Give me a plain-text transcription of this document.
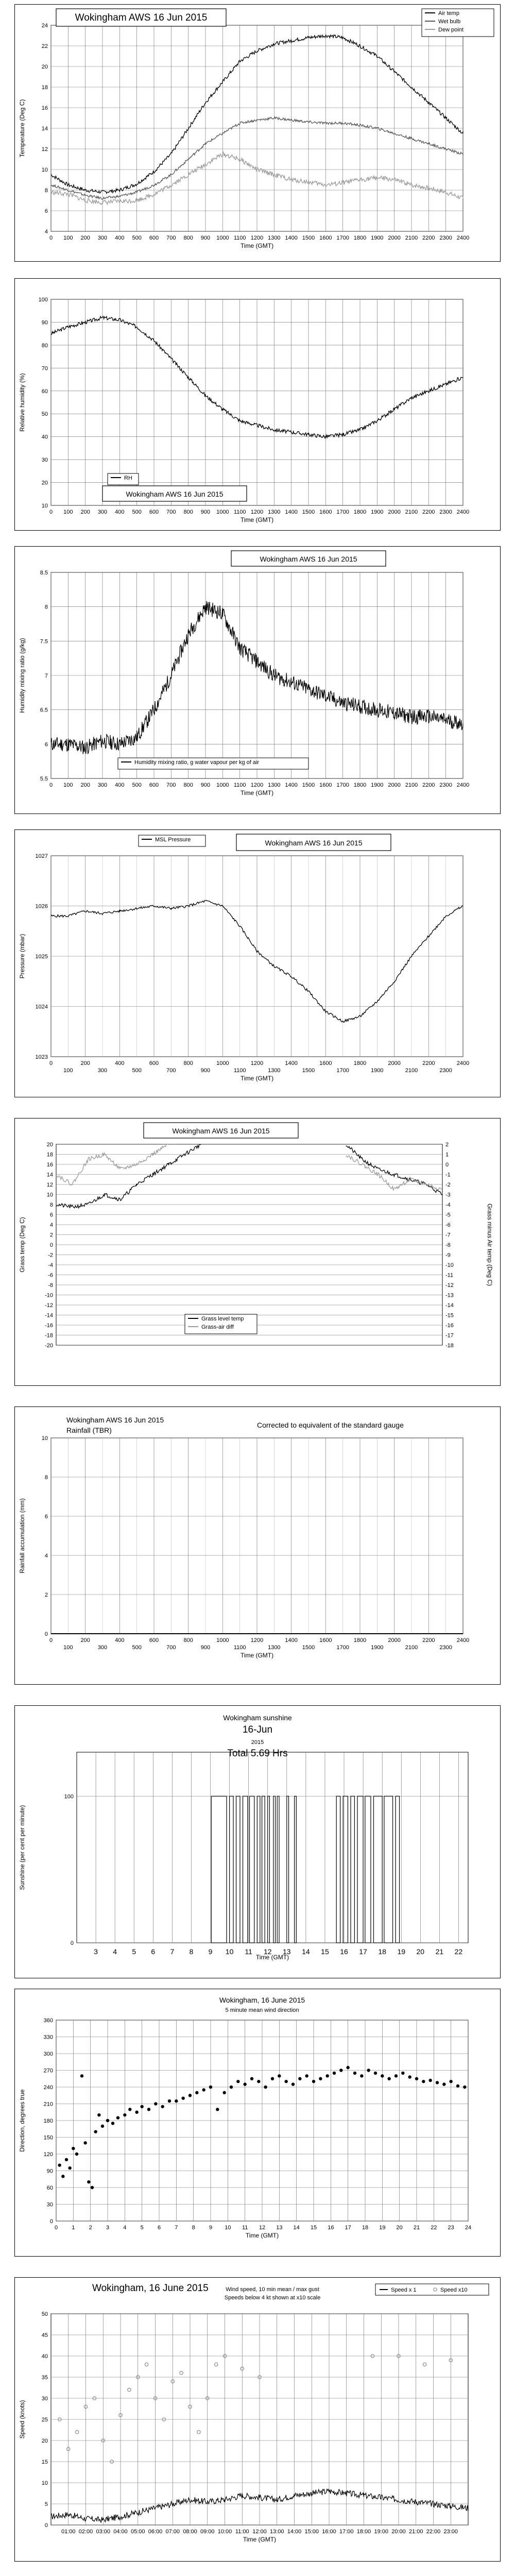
4
6
8
10
12
14
16
18
20
22
24
0 100 200 300 400 500 600 700 800 900 1000 1100 1200 1300 1400 1500 1600 1700 1800 1900 2000 2100 2200 2300 2400
Time (GMT)
Temperature (Deg C)
Wokingham AWS 16 Jun 2015	Air temp
Wet bulb
Dew point
10
20
30
40
50
60
70
80
90
100
0 100 200 300 400 500 600 700 800 900 1000 1100 1200 1300 1400 1500 1600 1700 1800 1900 2000 2100 2200 2300 2400
Time (GMT)
Relative humidity (%)
RH
Wokingham AWS 16 Jun 2015
5.5
6
6.5
7
7.5
8
8.5
0 100 200 300 400 500 600 700 800 900 1000 1100 1200 1300 1400 1500 1600 1700 1800 1900 2000 2100 2200 2300 2400
Time (GMT)
Humidity mixing ratio (g/kg)
Wokingham AWS 16 Jun 2015
Humidity mixing ratio, g water vapour per kg of air
1023
1024
1025
1026
1027
0	200	400	600	800	1000	1200	1400	1600	1800	2000	2200	2400
100	300	500	700	900	1100	1300	1500	1700	1900	2100	2300
Time (GMT)
Pressure (mbar)
MSL Pressure	Wokingham AWS 16 Jun 2015
-20
-18
-16
-14
-12
-10
-8
-6
-4
-2
0
2
4
6
8
10
12
14
16
18
20
Grass temp (Deg C)
2
1
0
-1
-2
-3
-4
-5
-6
-7
-8
-9
-10
-11
-12
-13
-14
-15
-16
-17
-18
Grass minus Air temp (Deg C)
Wokingham AWS 16 Jun 2015
Grass level temp
Grass-air diff
0
2
4
6
8
10
0	200	400	600	800	1000	1200	1400	1600	1800	2000	2200	2400
100	300	500	700	900	1100	1300	1500	1700	1900	2100	2300
Time (GMT)
Rainfall accumulation (mm)
Wokingham AWS 16 Jun 2015
Rainfall (TBR)
Corrected to equivalent of the standard gauge
0
100
Time (GMT)
Sunshine (per cent per minute)
3 4 5 6 7 8 9 10 11 12 13 14 15 16 17 18 19 20 21 22
Wokingham sunshine
16-Jun
2015
Total 5.69 Hrs
0
30
60
90
120
150
180
210
240
270
300
330
360
0 1 2 3 4 5 6 7 8 9 10 11 12 13 14 15 16 17 18 19 20 21 22 23 24
Time (GMT)
Direction, degrees true
Wokingham, 16 June 2015
5 minute mean wind direction
0
5
10
15
20
25
30
35
40
45
50
Time (GMT)
Speed (knots)
01:00 02:00 03:00 04:00 05:00 06:00 07:00 08:00 09:00 10:00 11:00 12:00 13:00 14:00 15:00 16:00 17:00 18:00 19:00 20:00 21:00 22:00 23:00
Wokingham, 16 June 2015	Wind speed, 10 min mean / max gust
Speeds below 4 kt shown at x10 scale
Speed x 1	Speed x10
